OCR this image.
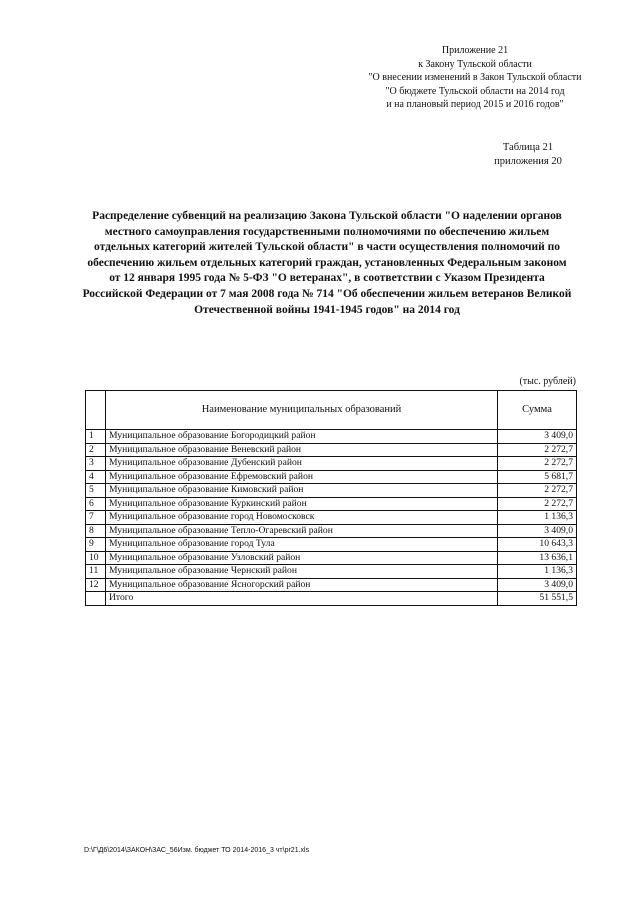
Приложение 21
к Закону Тульской области
"О внесении изменений в Закон Тульской области
"О бюджете Тульской области на 2014 год
и на плановый период 2015 и 2016 годов"
Таблица 21
приложения 20
Распределение субвенций на реализацию Закона Тульской области "О наделении органов местного самоуправления государственными полномочиями по обеспечению жильем отдельных категорий жителей Тульской области" в части осуществления полномочий по обеспечению жильем отдельных категорий граждан, установленных Федеральным законом от 12 января 1995 года № 5-ФЗ "О ветеранах", в соответствии с Указом Президента Российской Федерации от 7 мая 2008 года № 714 "Об обеспечении жильем ветеранов Великой Отечественной войны 1941-1945 годов" на 2014 год
(тыс. рублей)
	Наименование муниципальных образований	Сумма
1	Муниципальное образование Богородицкий район	3 409,0
2	Муниципальное образование Веневский район	2 272,7
3	Муниципальное образование Дубенский район	2 272,7
4	Муниципальное образование Ефремовский район	5 681,7
5	Муниципальное образование Кимовский район	2 272,7
6	Муниципальное образование Куркинский район	2 272,7
7	Муниципальное образование город Новомосковск	1 136,3
8	Муниципальное образование Тепло-Огаревский район	3 409,0
9	Муниципальное образование город Тула	10 643,3
10	Муниципальное образование Узловский район	13 636,1
11	Муниципальное образование Чернский район	1 136,3
12	Муниципальное образование Ясногорский район	3 409,0
	Итого	51 551,5
D:\Г\Д6\2014\ЗАКОН\ЗАС_56Изм. бюджет ТО 2014-2016_3 чт\pr21.xls
